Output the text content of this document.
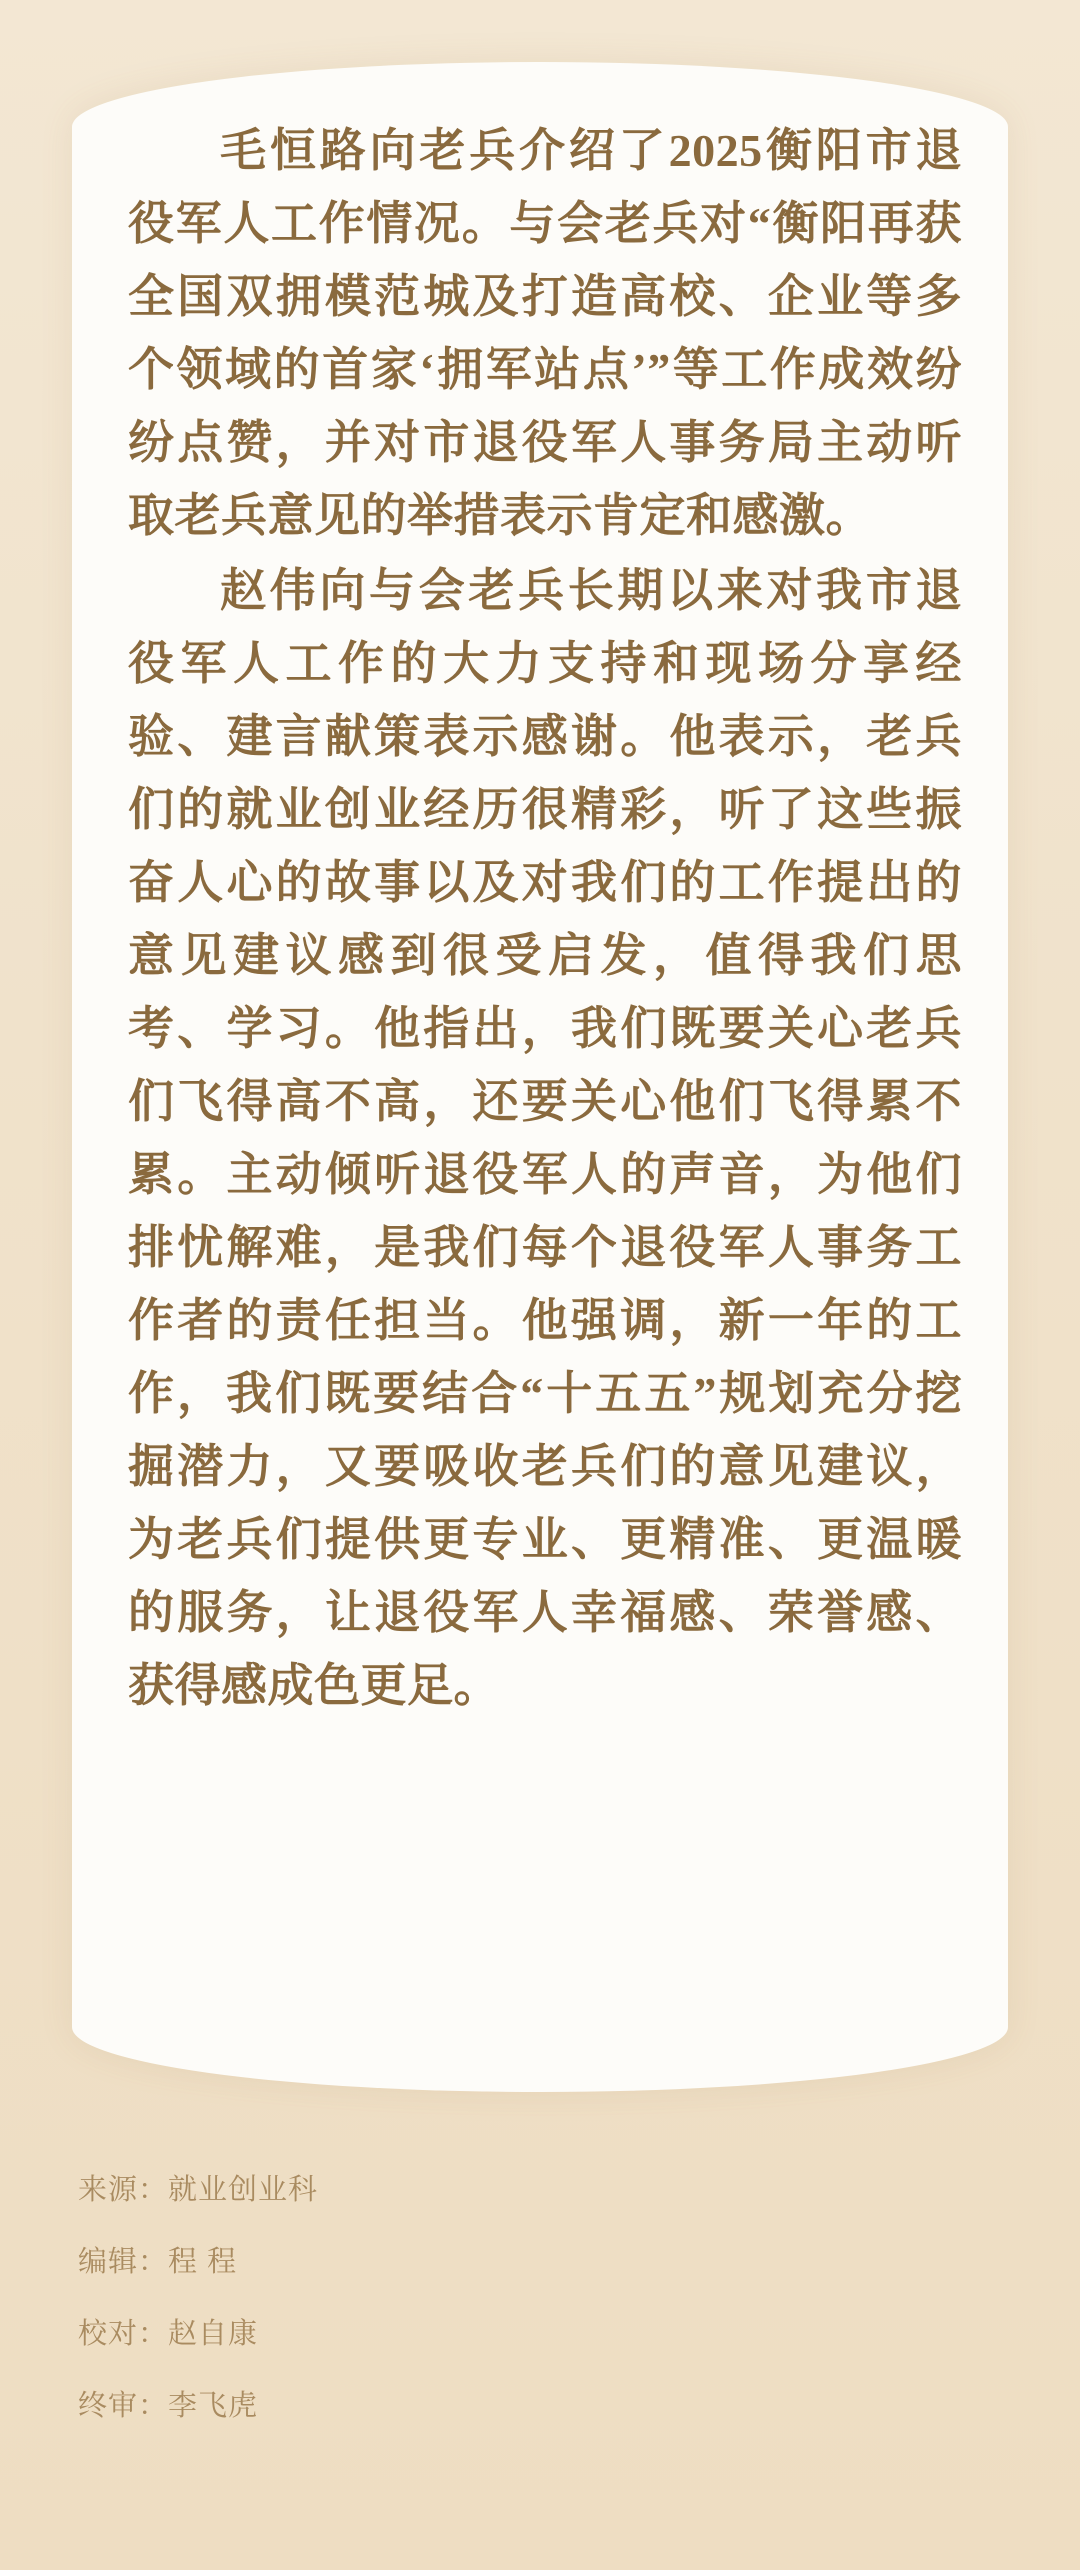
毛恒路向老兵介绍了2025衡阳市退役军人工作情况。与会老兵对“衡阳再获全国双拥模范城及打造高校、企业等多个领域的首家‘拥军站点’”等工作成效纷纷点赞，并对市退役军人事务局主动听取老兵意见的举措表示肯定和感激。

赵伟向与会老兵长期以来对我市退役军人工作的大力支持和现场分享经验、建言献策表示感谢。他表示，老兵们的就业创业经历很精彩，听了这些振奋人心的故事以及对我们的工作提出的意见建议感到很受启发，值得我们思考、学习。他指出，我们既要关心老兵们飞得高不高，还要关心他们飞得累不累。主动倾听退役军人的声音，为他们排忧解难，是我们每个退役军人事务工作者的责任担当。他强调，新一年的工作，我们既要结合“十五五”规划充分挖掘潜力，又要吸收老兵们的意见建议，为老兵们提供更专业、更精准、更温暖的服务，让退役军人幸福感、荣誉感、获得感成色更足。

来源：就业创业科
编辑：程 程
校对：赵自康
终审：李飞虎
